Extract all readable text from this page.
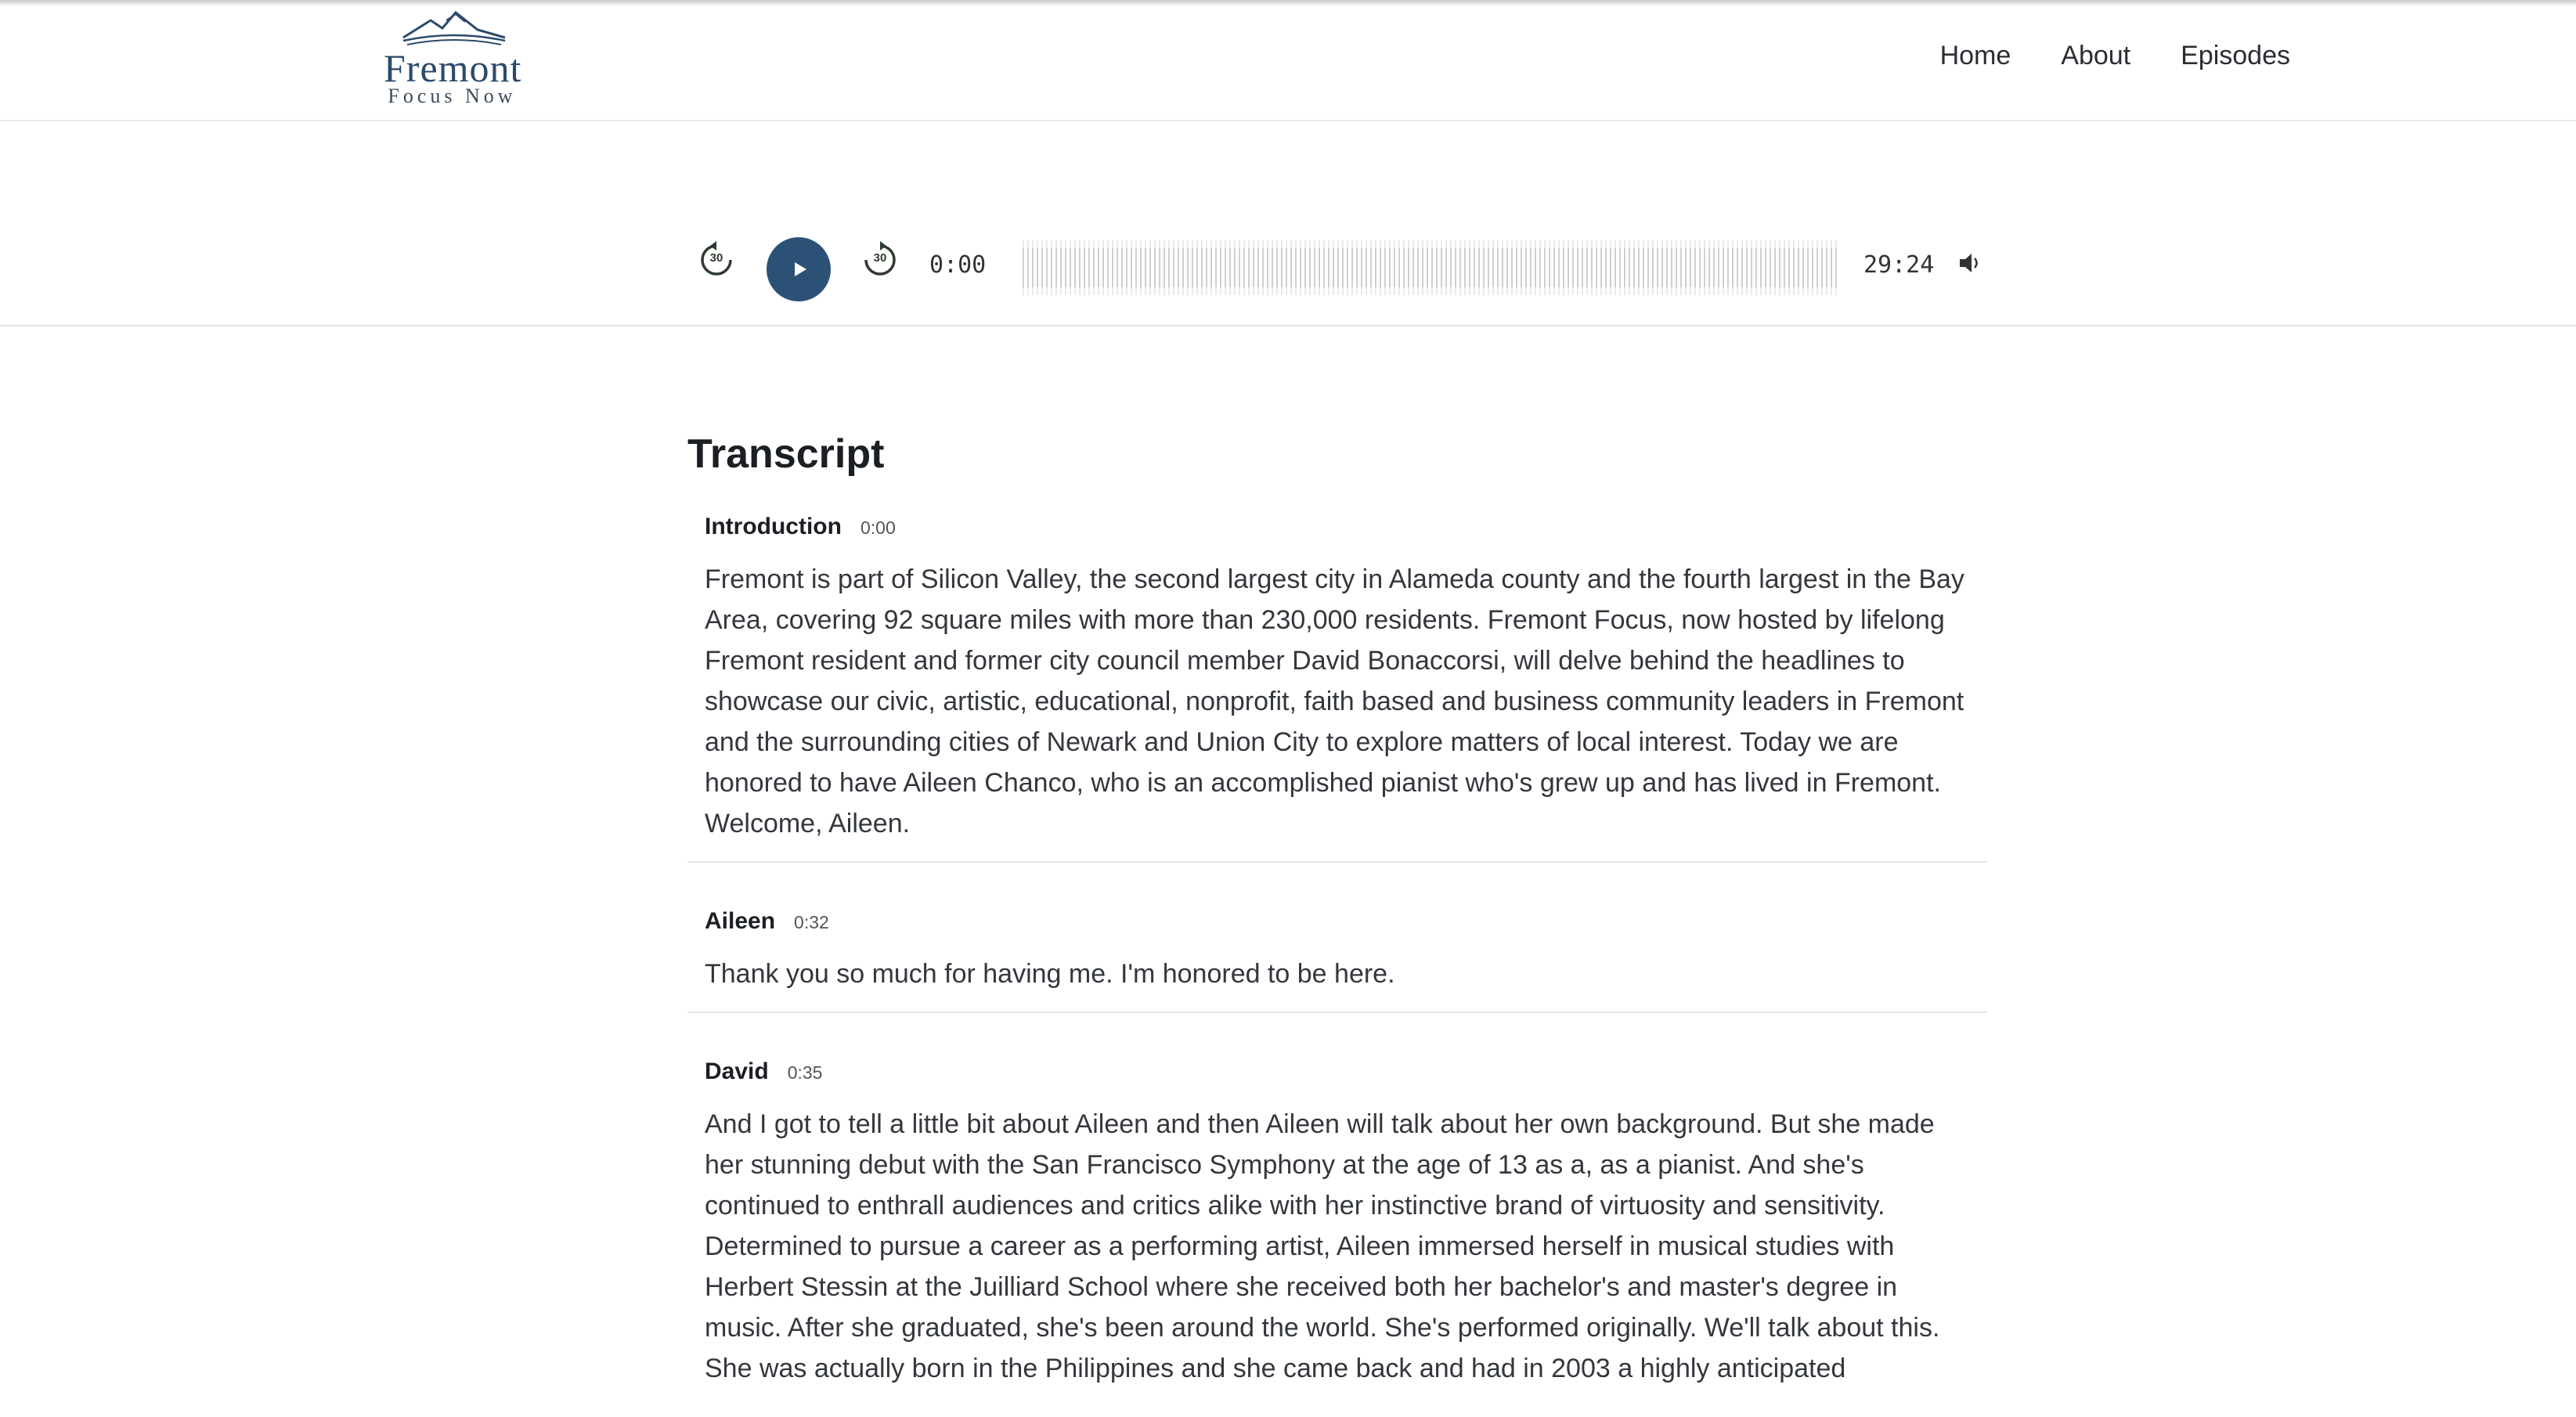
Fremont
Focus Now
Home About Episodes
30	30	0:00	29:24
Transcript
Introduction 0:00

Fremont is part of Silicon Valley, the second largest city in Alameda county and the fourth largest in the Bay Area, covering 92 square miles with more than 230,000 residents. Fremont Focus, now hosted by lifelong Fremont resident and former city council member David Bonaccorsi, will delve behind the headlines to showcase our civic, artistic, educational, nonprofit, faith based and business community leaders in Fremont and the surrounding cities of Newark and Union City to explore matters of local interest. Today we are honored to have Aileen Chanco, who is an accomplished pianist who's grew up and has lived in Fremont. Welcome, Aileen.

Aileen 0:32

Thank you so much for having me. I'm honored to be here.

David 0:35

And I got to tell a little bit about Aileen and then Aileen will talk about her own background. But she made her stunning debut with the San Francisco Symphony at the age of 13 as a, as a pianist. And she's continued to enthrall audiences and critics alike with her instinctive brand of virtuosity and sensitivity. Determined to pursue a career as a performing artist, Aileen immersed herself in musical studies with Herbert Stessin at the Juilliard School where she received both her bachelor's and master's degree in music. After she graduated, she's been around the world. She's performed originally. We'll talk about this. She was actually born in the Philippines and she came back and had in 2003 a highly anticipated
